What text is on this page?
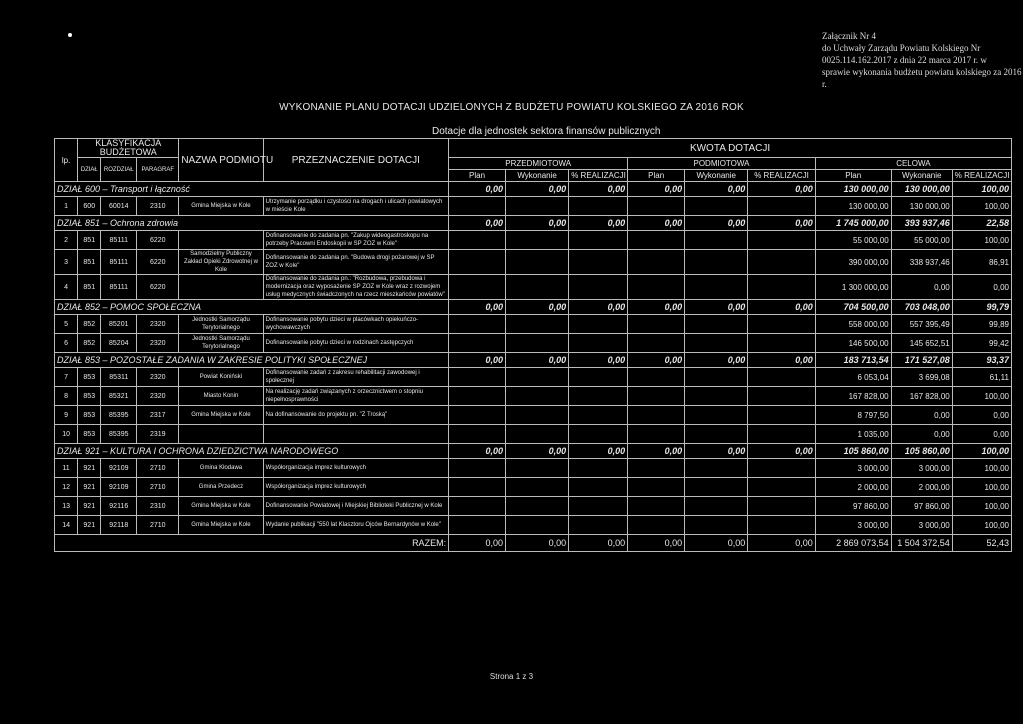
Załącznik Nr 4
do Uchwały Zarządu Powiatu Kolskiego Nr
0025.114.162.2017 z dnia 22 marca 2017 r. w
sprawie wykonania budżetu powiatu kolskiego za 2016
r.
WYKONANIE PLANU DOTACJI UDZIELONYCH Z BUDŻETU POWIATU KOLSKIEGO ZA 2016 ROK
Dotacje dla jednostek sektora finansów publicznych
lp.	KLASYFIKACJA BUDŻETOWA			NAZWA PODMIOTU	PRZEZNACZENIE DOTACJI	KWOTA DOTACJI								
	DZIAŁ	ROZDZIAŁ	PARAGRAF			PRZEDMIOTOWA			PODMIOTOWA			CELOWA		
						Plan	Wykonanie	% REALIZACJI	Plan	Wykonanie	% REALIZACJI	Plan	Wykonanie	% REALIZACJI
DZIAŁ 600 – Transport i łączność						0,00	0,00	0,00	0,00	0,00	0,00	130 000,00	130 000,00	100,00
1	600	60014	2310	Gmina Miejska w Kole	Utrzymanie porządku i czystości na drogach i ulicach powiatowych w mieście Kole							130 000,00	130 000,00	100,00
DZIAŁ 851 – Ochrona zdrowia						0,00	0,00	0,00	0,00	0,00	0,00	1 745 000,00	393 937,46	22,58
2	851	85111	6220		Dofinansowanie do zadania pn. "Zakup wideogastroskopu na potrzeby Pracowni Endoskopii w SP ZOZ w Kole"							55 000,00	55 000,00	100,00
3	851	85111	6220	Samodzielny Publiczny Zakład Opieki Zdrowotnej w Kole	Dofinansowanie do zadania pn. "Budowa drogi pożarowej w SP ZOZ w Kole"							390 000,00	338 937,46	86,91
4	851	85111	6220		Dofinansowanie do zadania pn.: "Rozbudowa, przebudowa i modernizacja oraz wyposażenie SP ZOZ w Kole wraz z rozwojem usług medycznych świadczonych na rzecz mieszkańców powiatów"							1 300 000,00	0,00	0,00
DZIAŁ 852 – POMOC SPOŁECZNA						0,00	0,00	0,00	0,00	0,00	0,00	704 500,00	703 048,00	99,79
5	852	85201	2320	Jednostki Samorządu Terytorialnego	Dofinansowanie pobytu dzieci w placówkach opiekuńczo-wychowawczych							558 000,00	557 395,49	99,89
6	852	85204	2320	Jednostki Samorządu Terytorialnego	Dofinansowanie pobytu dzieci w rodzinach zastępczych							146 500,00	145 652,51	99,42
DZIAŁ 853 – POZOSTAŁE ZADANIA W ZAKRESIE POLITYKI SPOŁECZNEJ						0,00	0,00	0,00	0,00	0,00	0,00	183 713,54	171 527,08	93,37
7	853	85311	2320	Powiat Koniński	Dofinansowanie zadań z zakresu rehabilitacji zawodowej i społecznej							6 053,04	3 699,08	61,11
8	853	85321	2320	Miasto Konin	Na realizację zadań związanych z orzecznictwem o stopniu niepełnosprawności							167 828,00	167 828,00	100,00
9	853	85395	2317	Gmina Miejska w Kole	Na dofinansowanie do projektu pn. "Z Troską"							8 797,50	0,00	0,00
10	853	85395	2319									1 035,00	0,00	0,00
DZIAŁ 921 – KULTURA I OCHRONA DZIEDZICTWA NARODOWEGO						0,00	0,00	0,00	0,00	0,00	0,00	105 860,00	105 860,00	100,00
11	921	92109	2710	Gmina Kłodawa	Współorganizacja imprez kulturowych							3 000,00	3 000,00	100,00
12	921	92109	2710	Gmina Przedecz	Współorganizacja imprez kulturowych							2 000,00	2 000,00	100,00
13	921	92116	2310	Gmina Miejska w Kole	Dofinansowanie Powiatowej i Miejskiej Biblioteki Publicznej w Kole							97 860,00	97 860,00	100,00
14	921	92118	2710	Gmina Miejska w Kole	Wydanie publikacji "550 lat Klasztoru Ojców Bernardynów w Kole"							3 000,00	3 000,00	100,00
RAZEM:						0,00	0,00	0,00	0,00	0,00	0,00	2 869 073,54	1 504 372,54	52,43
Strona 1 z 3
